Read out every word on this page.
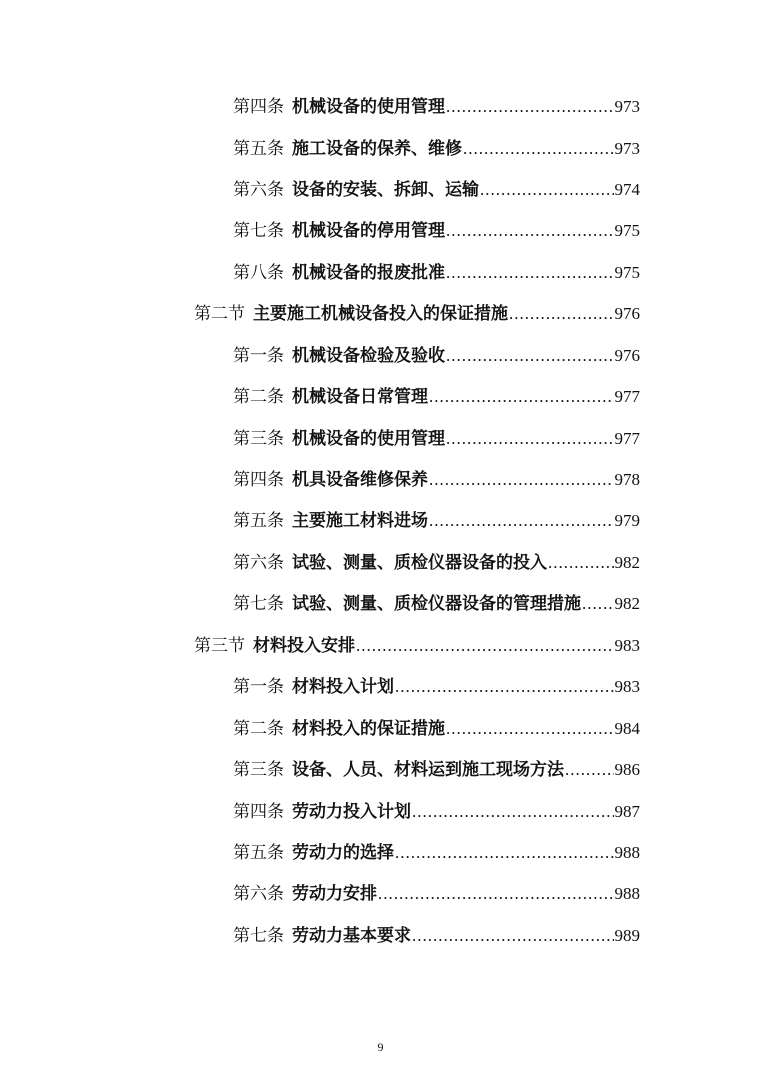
第四条 机械设备的使用管理 .....	973
第五条 施工设备的保养、维修 .....	973
第六条 设备的安装、拆卸、运输 .....	974
第七条 机械设备的停用管理 .....	975
第八条 机械设备的报废批准 .....	975
第二节 主要施工机械设备投入的保证措施 .....	976
第一条 机械设备检验及验收 .....	976
第二条 机械设备日常管理 .....	977
第三条 机械设备的使用管理 .....	977
第四条 机具设备维修保养 .....	978
第五条 主要施工材料进场 .....	979
第六条 试验、测量、质检仪器设备的投入 .....	982
第七条 试验、测量、质检仪器设备的管理措施 ..... 982
第三节 材料投入安排 .....	983
第一条 材料投入计划 .....	983
第二条 材料投入的保证措施 .....	984
第三条 设备、人员、材料运到施工现场方法 .....	986
第四条 劳动力投入计划 .....	987
第五条 劳动力的选择 .....	988
第六条 劳动力安排 .....	988
第七条 劳动力基本要求 .....	989
9
